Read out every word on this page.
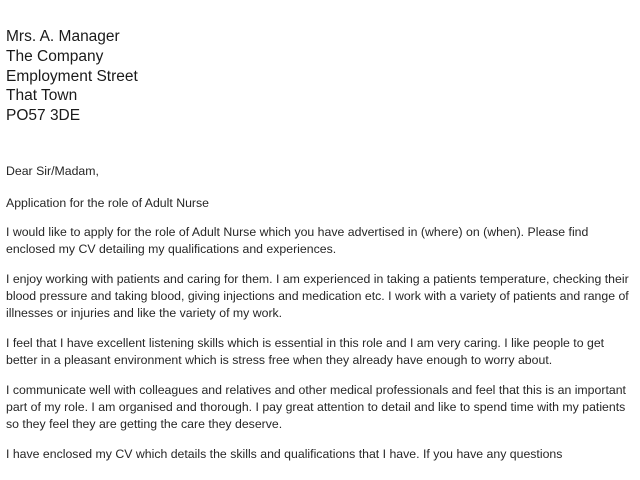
Mrs. A. Manager
The Company
Employment Street
That Town
PO57 3DE

Dear Sir/Madam,

Application for the role of Adult Nurse

I would like to apply for the role of Adult Nurse which you have advertised in (where) on (when). Please find enclosed my CV detailing my qualifications and experiences.

I enjoy working with patients and caring for them. I am experienced in taking a patients temperature, checking their blood pressure and taking blood, giving injections and medication etc. I work with a variety of patients and range of illnesses or injuries and like the variety of my work.

I feel that I have excellent listening skills which is essential in this role and I am very caring. I like people to get better in a pleasant environment which is stress free when they already have enough to worry about.

I communicate well with colleagues and relatives and other medical professionals and feel that this is an important part of my role. I am organised and thorough. I pay great attention to detail and like to spend time with my patients so they feel they are getting the care they deserve.

I have enclosed my CV which details the skills and qualifications that I have. If you have any questions
